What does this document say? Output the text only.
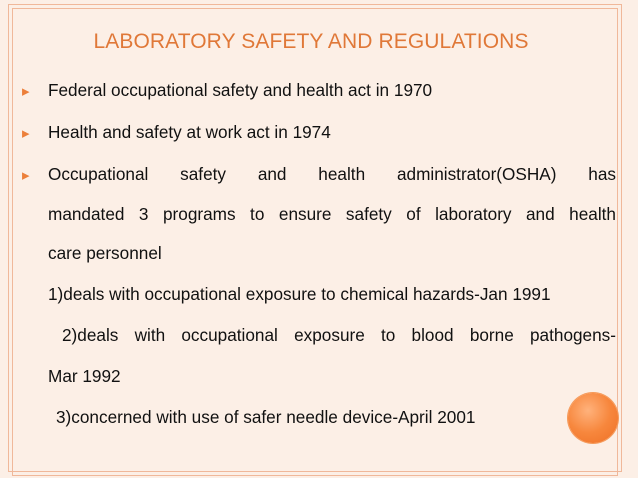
LABORATORY SAFETY AND REGULATIONS
▸︎ Federal occupational safety and health act in 1970
▸︎ Health and safety at work act in 1974
▸︎ Occupational safety and health administrator(OSHA) has
mandated 3 programs to ensure safety of laboratory and health
care personnel
1)deals with occupational exposure to chemical hazards-Jan 1991
2)deals with occupational exposure to blood borne pathogens-
Mar 1992
3)concerned with use of safer needle device-April 2001
